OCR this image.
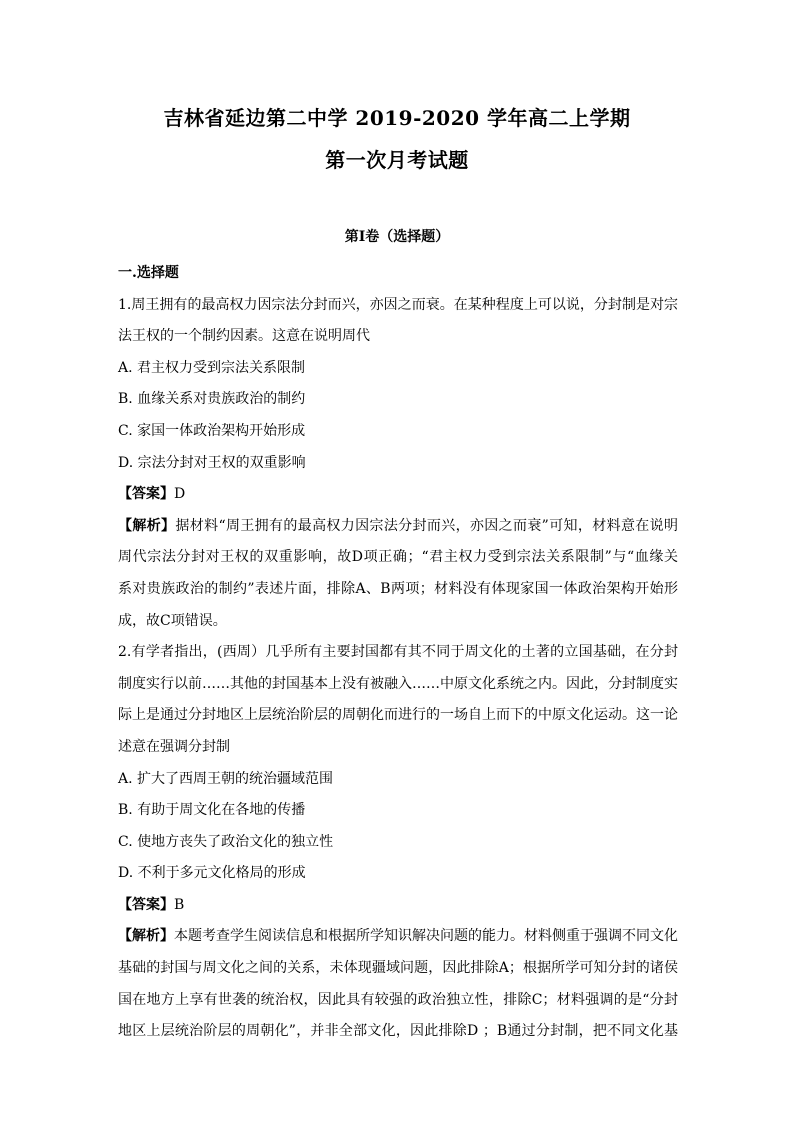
吉林省延边第二中学 2019-2020 学年高二上学期
第一次月考试题
第Ⅰ卷（选择题）
一.选择题
1.周王拥有的最高权力因宗法分封而兴，亦因之而衰。在某种程度上可以说，分封制是对宗
法王权的一个制约因素。这意在说明周代
A. 君主权力受到宗法关系限制
B. 血缘关系对贵族政治的制约
C. 家国一体政治架构开始形成
D. 宗法分封对王权的双重影响
【答案】D
【解析】据材料“周王拥有的最高权力因宗法分封而兴，亦因之而衰”可知，材料意在说明
周代宗法分封对王权的双重影响，故D项正确；“君主权力受到宗法关系限制”与“血缘关
系对贵族政治的制约”表述片面，排除A、B两项；材料没有体现家国一体政治架构开始形
成，故C项错误。
2.有学者指出，(西周）几乎所有主要封国都有其不同于周文化的土著的立国基础，在分封
制度实行以前……其他的封国基本上没有被融入……中原文化系统之内。因此，分封制度实
际上是通过分封地区上层统治阶层的周朝化而进行的一场自上而下的中原文化运动。这一论
述意在强调分封制
A. 扩大了西周王朝的统治疆域范围
B. 有助于周文化在各地的传播
C. 使地方丧失了政治文化的独立性
D. 不利于多元文化格局的形成
【答案】B
【解析】本题考查学生阅读信息和根据所学知识解决问题的能力。材料侧重于强调不同文化
基础的封国与周文化之间的关系，未体现疆域问题，因此排除A；根据所学可知分封的诸侯
国在地方上享有世袭的统治权，因此具有较强的政治独立性，排除C；材料强调的是“分封
地区上层统治阶层的周朝化”，并非全部文化，因此排除D ；B通过分封制，把不同文化基
